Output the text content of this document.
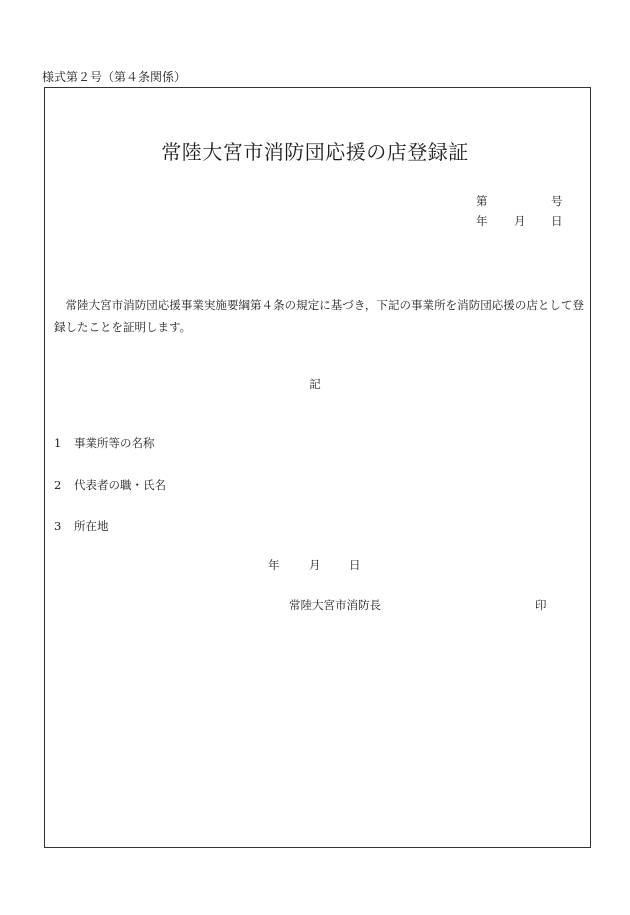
様式第２号（第４条関係）
常陸大宮市消防団応援の店登録証
第	号
年 月 日
常陸大宮市消防団応援事業実施要綱第４条の規定に基づき，下記の事業所を消防団応援の店として登録したことを証明します。
記
1 事業所等の名称
2 代表者の職・氏名
3 所在地
年	月 日
常陸大宮市消防長	印
